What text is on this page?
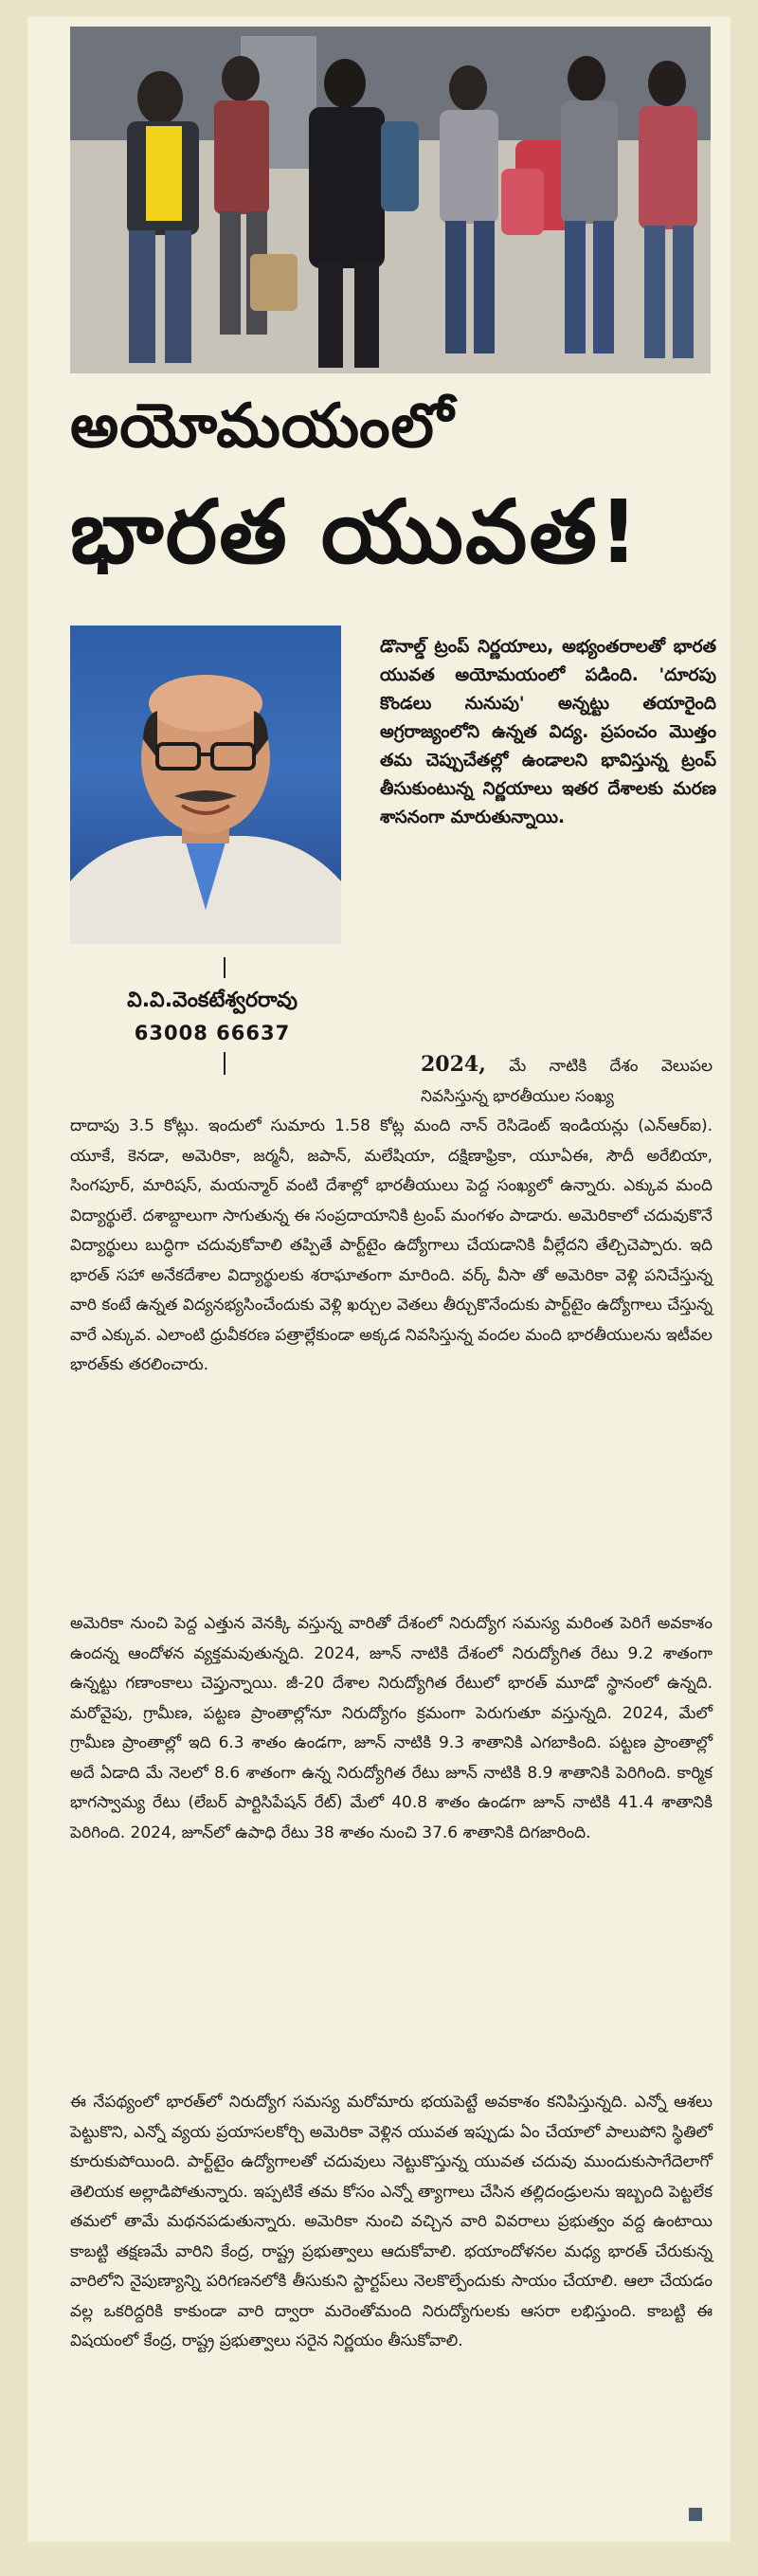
అయోమయంలో
భారత యువత!
వి.వి.వెంకటేశ్వరరావు
63008 66637
డొనాల్డ్ ట్రంప్ నిర్ణయాలు, అభ్యంతరాలతో భారత యువత అయోమయంలో పడింది. 'దూరపు కొండలు నునుపు' అన్నట్టు తయారైంది అగ్రరాజ్యంలోని ఉన్నత విద్య. ప్రపంచం మొత్తం తమ చెప్పుచేతల్లో ఉండాలని భావిస్తున్న ట్రంప్ తీసుకుంటున్న నిర్ణయాలు ఇతర దేశాలకు మరణ శాసనంగా మారుతున్నాయి.
2024, మే నాటికి దేశం వెలుపల నివసిస్తున్న భారతీయుల సంఖ్య
దాదాపు 3.5 కోట్లు. ఇందులో సుమారు 1.58 కోట్ల మంది నాన్ రెసిడెంట్ ఇండియన్లు (ఎన్ఆర్ఐ). యూకే, కెనడా, అమెరికా, జర్మనీ, జపాన్, మలేషియా, దక్షిణాఫ్రికా, యూఏఈ, సౌదీ అరేబియా, సింగపూర్, మారిషస్, మయన్మార్ వంటి దేశాల్లో భారతీయులు పెద్ద సంఖ్యలో ఉన్నారు. ఎక్కువ మంది విద్యార్థులే. దశాబ్దాలుగా సాగుతున్న ఈ సంప్రదాయానికి ట్రంప్ మంగళం పాడారు. అమెరికాలో చదువుకొనే విద్యార్థులు బుద్ధిగా చదువుకోవాలి తప్పితే పార్ట్‌టైం ఉద్యోగాలు చేయడానికి వీల్లేదని తేల్చిచెప్పారు. ఇది భారత్ సహా అనేకదేశాల విద్యార్థులకు శరాఘాతంగా మారింది. వర్క్ వీసా తో అమెరికా వెళ్లి పనిచేస్తున్న వారి కంటే ఉన్నత విద్యనభ్యసించేందుకు వెళ్లి ఖర్చుల వెతలు తీర్చుకొనేందుకు పార్ట్‌టైం ఉద్యోగాలు చేస్తున్న వారే ఎక్కువ. ఎలాంటి ధ్రువీకరణ పత్రాల్లేకుండా అక్కడ నివసిస్తున్న వందల మంది భారతీయులను ఇటీవల భారత్‌కు తరలించారు.
అమెరికా నుంచి పెద్ద ఎత్తున వెనక్కి వస్తున్న వారితో దేశంలో నిరుద్యోగ సమస్య మరింత పెరిగే అవకాశం ఉందన్న ఆందోళన వ్యక్తమవుతున్నది. 2024, జూన్ నాటికి దేశంలో నిరుద్యోగిత రేటు 9.2 శాతంగా ఉన్నట్టు గణాంకాలు చెప్తున్నాయి. జీ-20 దేశాల నిరుద్యోగిత రేటులో భారత్ మూడో స్థానంలో ఉన్నది. మరోవైపు, గ్రామీణ, పట్టణ ప్రాంతాల్లోనూ నిరుద్యోగం క్రమంగా పెరుగుతూ వస్తున్నది. 2024, మేలో గ్రామీణ ప్రాంతాల్లో ఇది 6.3 శాతం ఉండగా, జూన్ నాటికి 9.3 శాతానికి ఎగబాకింది. పట్టణ ప్రాంతాల్లో అదే ఏడాది మే నెలలో 8.6 శాతంగా ఉన్న నిరుద్యోగిత రేటు జూన్ నాటికి 8.9 శాతానికి పెరిగింది. కార్మిక భాగస్వామ్య రేటు (లేబర్ పార్టిసిపేషన్ రేట్) మేలో 40.8 శాతం ఉండగా జూన్ నాటికి 41.4 శాతానికి పెరిగింది. 2024, జూన్‌లో ఉపాధి రేటు 38 శాతం నుంచి 37.6 శాతానికి దిగజారింది.
ఈ నేపథ్యంలో భారత్‌లో నిరుద్యోగ సమస్య మరోమారు భయపెట్టే అవకాశం కనిపిస్తున్నది. ఎన్నో ఆశలు పెట్టుకొని, ఎన్నో వ్యయ ప్రయాసలకోర్చి అమెరికా వెళ్లిన యువత ఇప్పుడు ఏం చేయాలో పాలుపోని స్థితిలో కూరుకుపోయింది. పార్ట్‌టైం ఉద్యోగాలతో చదువులు నెట్టుకొస్తున్న యువత చదువు ముందుకుసాగేదెలాగో తెలియక అల్లాడిపోతున్నారు. ఇప్పటికే తమ కోసం ఎన్నో త్యాగాలు చేసిన తల్లిదండ్రులను ఇబ్బంది పెట్టలేక తమలో తామే మథనపడుతున్నారు. అమెరికా నుంచి వచ్చిన వారి వివరాలు ప్రభుత్వం వద్ద ఉంటాయి కాబట్టి తక్షణమే వారిని కేంద్ర, రాష్ట్ర ప్రభుత్వాలు ఆదుకోవాలి. భయాందోళనల మధ్య భారత్ చేరుకున్న వారిలోని నైపుణ్యాన్ని పరిగణనలోకి తీసుకుని స్టార్టప్‌లు నెలకొల్పేందుకు సాయం చేయాలి. ఆలా చేయడం వల్ల ఒకరిద్దరికి కాకుండా వారి ద్వారా మరెంతోమంది నిరుద్యోగులకు ఆసరా లభిస్తుంది. కాబట్టి ఈ విషయంలో కేంద్ర, రాష్ట్ర ప్రభుత్వాలు సరైన నిర్ణయం తీసుకోవాలి.
